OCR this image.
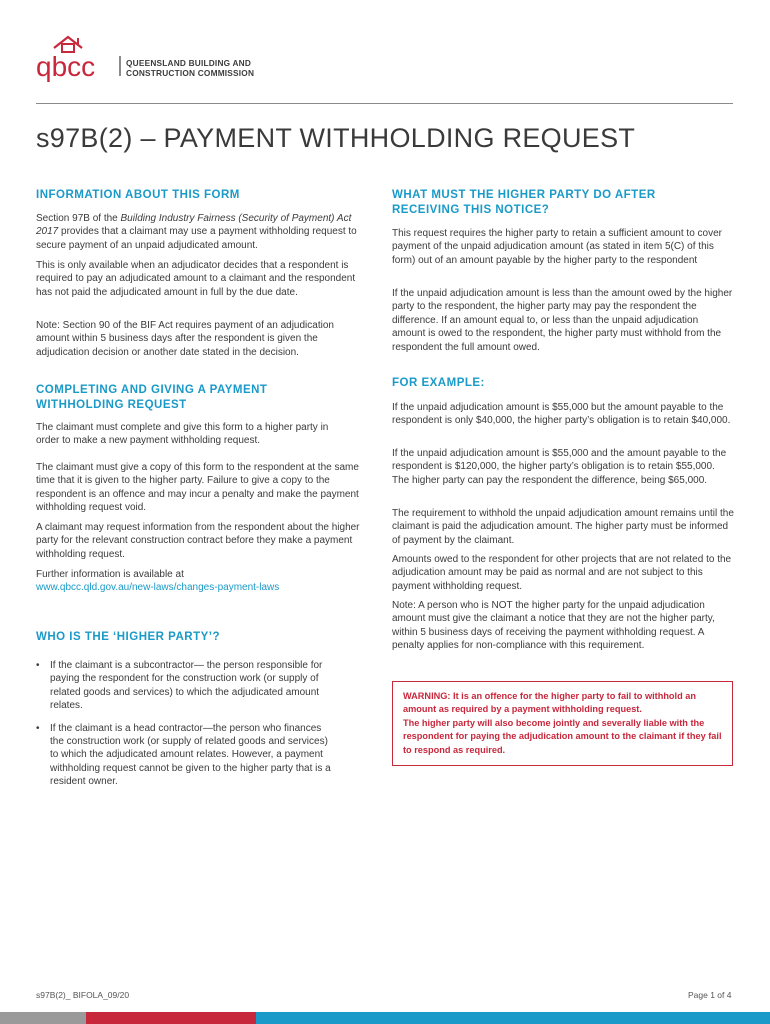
qbcc	QUEENSLAND BUILDING AND
CONSTRUCTION COMMISSION
s97B(2) – PAYMENT WITHHOLDING REQUEST
INFORMATION ABOUT THIS FORM

Section 97B of the Building Industry Fairness (Security of Payment) Act 2017 provides that a claimant may use a payment withholding request to secure payment of an unpaid adjudicated amount.

This is only available when an adjudicator decides that a respondent is required to pay an adjudicated amount to a claimant and the respondent has not paid the adjudicated amount in full by the due date.

Note: Section 90 of the BIF Act requires payment of an adjudication amount within 5 business days after the respondent is given the adjudication decision or another date stated in the decision.

COMPLETING AND GIVING A PAYMENT WITHHOLDING REQUEST

The claimant must complete and give this form to a higher party in order to make a new payment withholding request.

The claimant must give a copy of this form to the respondent at the same time that it is given to the higher party. Failure to give a copy to the respondent is an offence and may incur a penalty and make the payment withholding request void.

A claimant may request information from the respondent about the higher party for the relevant construction contract before they make a payment withholding request.

Further information is available at
www.qbcc.qld.gov.au/new-laws/changes-payment-laws

WHO IS THE ‘HIGHER PARTY’?
• If the claimant is a subcontractor— the person responsible for paying the respondent for the construction work (or supply of related goods and services) to which the adjudicated amount relates.
• If the claimant is a head contractor—the person who finances the construction work (or supply of related goods and services) to which the adjudicated amount relates. However, a payment withholding request cannot be given to the higher party that is a resident owner.
WHAT MUST THE HIGHER PARTY DO AFTER RECEIVING THIS NOTICE?

This request requires the higher party to retain a sufficient amount to cover payment of the unpaid adjudication amount (as stated in item 5(C) of this form) out of an amount payable by the higher party to the respondent

If the unpaid adjudication amount is less than the amount owed by the higher party to the respondent, the higher party may pay the respondent the difference. If an amount equal to, or less than the unpaid adjudication amount is owed to the respondent, the higher party must withhold from the respondent the full amount owed.

FOR EXAMPLE:

If the unpaid adjudication amount is $55,000 but the amount payable to the respondent is only $40,000, the higher party’s obligation is to retain $40,000.

If the unpaid adjudication amount is $55,000 and the amount payable to the respondent is $120,000, the higher party’s obligation is to retain $55,000. The higher party can pay the respondent the difference, being $65,000.

The requirement to withhold the unpaid adjudication amount remains until the claimant is paid the adjudication amount. The higher party must be informed of payment by the claimant.

Amounts owed to the respondent for other projects that are not related to the adjudication amount may be paid as normal and are not subject to this payment withholding request.

Note: A person who is NOT the higher party for the unpaid adjudication amount must give the claimant a notice that they are not the higher party, within 5 business days of receiving the payment withholding request. A penalty applies for non-compliance with this requirement.

WARNING: It is an offence for the higher party to fail to withhold an amount as required by a payment withholding request.

The higher party will also become jointly and severally liable with the respondent for paying the adjudication amount to the claimant if they fail to respond as required.

s97B(2)_ BIFOLA_09/20	Page 1 of 4
